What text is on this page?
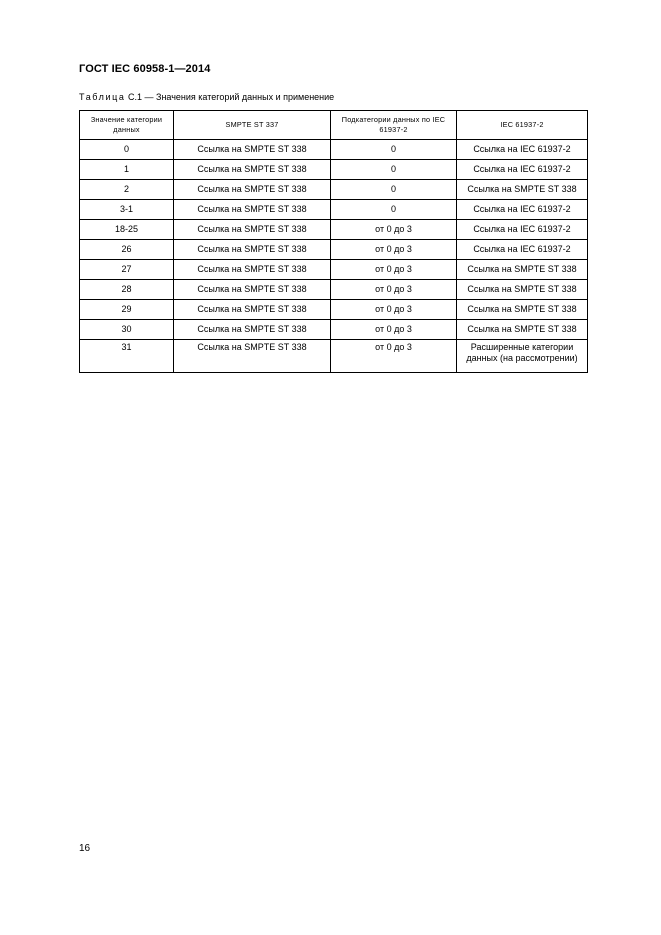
ГОСТ IEC 60958-1—2014
Таблица С.1 — Значения категорий данных и применение
Значение категории данных	SMPTE ST 337	Подкатегории данных по IEC 61937-2	IEC 61937-2
0	Ссылка на SMPTE ST 338	0	Ссылка на IEC 61937-2
1	Ссылка на SMPTE ST 338	0	Ссылка на IEC 61937-2
2	Ссылка на SMPTE ST 338	0	Ссылка на SMPTE ST 338
3-1	Ссылка на SMPTE ST 338	0	Ссылка на IEC 61937-2
18-25	Ссылка на SMPTE ST 338	от 0 до 3	Ссылка на IEC 61937-2
26	Ссылка на SMPTE ST 338	от 0 до 3	Ссылка на IEC 61937-2
27	Ссылка на SMPTE ST 338	от 0 до 3	Ссылка на SMPTE ST 338
28	Ссылка на SMPTE ST 338	от 0 до 3	Ссылка на SMPTE ST 338
29	Ссылка на SMPTE ST 338	от 0 до 3	Ссылка на SMPTE ST 338
30	Ссылка на SMPTE ST 338	от 0 до 3	Ссылка на SMPTE ST 338
31	Ссылка на SMPTE ST 338	от 0 до 3	Расширенные категории данных (на рассмотрении)
16
